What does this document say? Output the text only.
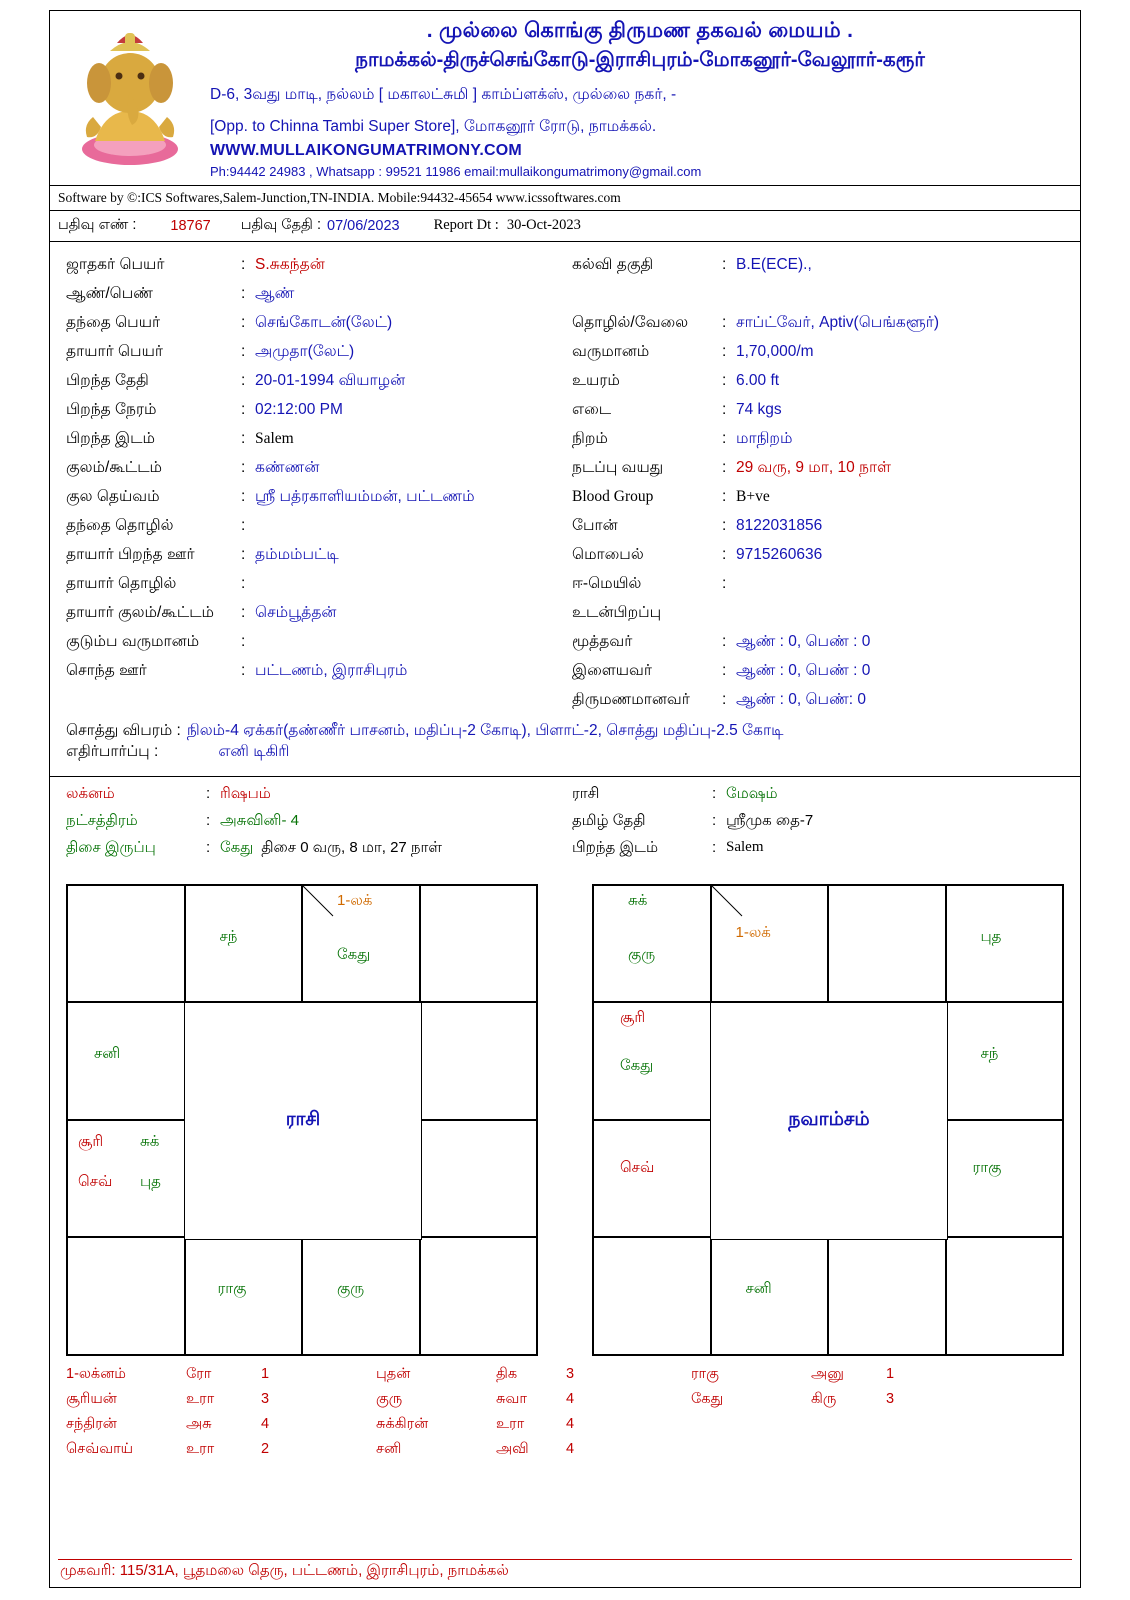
. முல்லை கொங்கு திருமண தகவல் மையம் .
நாமக்கல்-திருச்செங்கோடு-இராசிபுரம்-மோகனூர்-வேலூார்-கரூர்
D-6, 3வது மாடி, நல்லம் [ மகாலட்சுமி ] காம்ப்ளக்ஸ், முல்லை நகர், -
[Opp. to Chinna Tambi Super Store], மோகனூர் ரோடு, நாமக்கல்.
WWW.MULLAIKONGUMATRIMONY.COM
Ph:94442 24983 , Whatsapp : 99521 11986 email:mullaikongumatrimony@gmail.com
Software by ©:ICS Softwares,Salem-Junction,TN-INDIA. Mobile:94432-45654 www.icssoftwares.com
பதிவு எண் : 18767 பதிவு தேதி : 07/06/2023 Report Dt : 30-Oct-2023
ஜாதகர் பெயர்	: S.சுகந்தன்
ஆண்/பெண்	: ஆண்
தந்தை பெயர்	: செங்கோடன்(லேட்)
தாயார் பெயர்	: அமுதா(லேட்)
பிறந்த தேதி	: 20-01-1994 வியாழன்
பிறந்த நேரம்	: 02:12:00 PM
பிறந்த இடம்	: Salem
குலம்/கூட்டம்	: கண்ணன்
குல தெய்வம்	: ஸ்ரீ பத்ரகாளியம்மன், பட்டணம்
தந்தை தொழில்	:
தாயார் பிறந்த ஊர்	: தம்மம்பட்டி
தாயார் தொழில்	:
தாயார் குலம்/கூட்டம்	: செம்பூத்தன்
குடும்ப வருமானம்	:
சொந்த ஊர்	: பட்டணம், இராசிபுரம்
கல்வி தகுதி	: B.E(ECE).,
தொழில்/வேலை	: சாப்ட்வேர், Aptiv(பெங்களூர்)
வருமானம்	: 1,70,000/m
உயரம்	: 6.00 ft
எடை	: 74 kgs
நிறம்	: மாநிறம்
நடப்பு வயது	: 29 வரு, 9 மா, 10 நாள்
Blood Group	: B+ve
போன்	: 8122031856
மொபைல்	: 9715260636
ஈ-மெயில்	:
உடன்பிறப்பு
மூத்தவர்	: ஆண் : 0, பெண் : 0
இளையவர்	: ஆண் : 0, பெண் : 0
திருமணமானவர்	: ஆண் : 0, பெண்: 0
சொத்து விபரம் : நிலம்-4 ஏக்கர்(தண்ணீர் பாசனம், மதிப்பு-2 கோடி), பிளாட்-2, சொத்து மதிப்பு-2.5 கோடி
எதிர்பார்ப்பு :	எனி டிகிரி
லக்னம்	: ரிஷபம்	ராசி	: மேஷம்
நட்சத்திரம்	: அசுவினி- 4	தமிழ் தேதி	: ஸ்ரீமுக தை-7
திசை இருப்பு	: கேது திசை 0 வரு, 8 மா, 27 நாள்	பிறந்த இடம்	: Salem
சந்
1-லக்
கேது
சனி
சூரி சுக்
செவ் புத
ராகு	குரு
ராசி
சுக்
குரு
1-லக்	புத
சூரி
கேது
சந்
செவ்	ராகு
சனி
நவாம்சம்
1-லக்னம்	ரோ	1	புதன்	திக	3	ராகு	அனு	1
சூரியன்	உரா	3	குரு	சுவா	4	கேது	கிரு	3
சந்திரன்	அசு	4	சுக்கிரன்	உரா	4
செவ்வாய்	உரா	2	சனி	அவி	4
முகவரி: 115/31A, பூதமலை தெரு, பட்டணம், இராசிபுரம், நாமக்கல்
